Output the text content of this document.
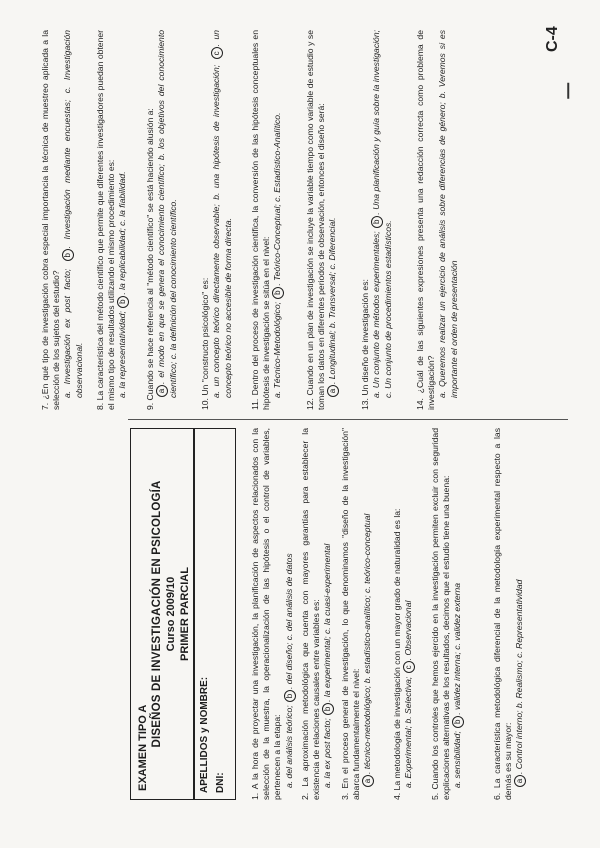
C-4
EXAMEN TIPO A
DISEÑOS DE INVESTIGACIÓN EN PSICOLOGÍA Curso 2009/10 PRIMER PARCIAL
APELLIDOS y NOMBRE: DNI:	1. A la hora de proyectar una investigación, la planificación de aspectos relacionados con la selección de la muestra, la operacionalización de las hipótesis o el control de variables, pertenecen a la etapa: a. del análisis teórico; b. del diseño; c. del análisis de datos 2. La aproximación metodológica que cuenta con mayores garantías para establecer la existencia de relaciones causales entre variables es: a. la ex post facto; b. la experimental; c. la cuasi-experimental 3. En el proceso general de investigación, lo que denominamos "diseño de la investigación" abarca fundamentalmente el nivel: a. técnico-metodológico; b. estadístico-analítico; c. teórico-conceptual 4. La metodología de investigación con un mayor grado de naturalidad es la: a. Experimental; b. Selectiva; c. Observacional 5. Cuando los controles que hemos ejercido en la investigación permiten excluir con seguridad explicaciones alternativas de los resultados, decimos que el estudio tiene una buena: a. sensibilidad; b. validez interna; c. validez externa	6. La característica metodológica diferencial de la metodología experimental respecto a las demás es su mayor: a. Control interno; b. Realismo; c. Representatividad
7. ¿En qué tipo de investigación cobra especial importancia la técnica de muestreo aplicada a la selección de los sujetos del estudio? a. Investigación ex post facto; b. Investigación mediante encuestas; c. Investigación observacional. 8. La característica del método científico que permite que diferentes investigadores puedan obtener el mismo tipo de resultados utilizando el mismo procedimiento es: a. la representatividad; b. la replicabilidad; c. la fiabilidad. 9. Cuando se hace referencia al "método científico" se está haciendo alusión a: a. el modo en que se genera el conocimiento científico; b. los objetivos del conocimiento científico; c. la definición del conocimiento científico.	10. Un "constructo psicológico" es: a. un concepto teórico directamente observable; b. una hipótesis de investigación; c. un concepto teórico no accesible de forma directa. 11. Dentro del proceso de investigación científica, la conversión de las hipótesis conceptuales en hipótesis de investigación se sitúa en el nivel: a. Técnico-Metodológico; b. Teórico-Conceptual; c. Estadístico-Analítico.	12. Cuando en un plan de investigación se incluye la variable tiempo como variable de estudio y se toman los datos en diferentes periodos de observación, entonces el diseño será: a. Longitudinal; b. Transversal; c. Diferencial.	13. Un diseño de investigación es: a. Un conjunto de métodos experimentales; b. Una planificación y guía sobre la investigación; c. Un conjunto de procedimientos estadísticos.	14. ¿Cuál de las siguientes expresiones presenta una redacción correcta como problema de investigación? a. Queremos realizar un ejercicio de análisis sobre diferencias de género; b. Veremos si es importante el orden de presentación
